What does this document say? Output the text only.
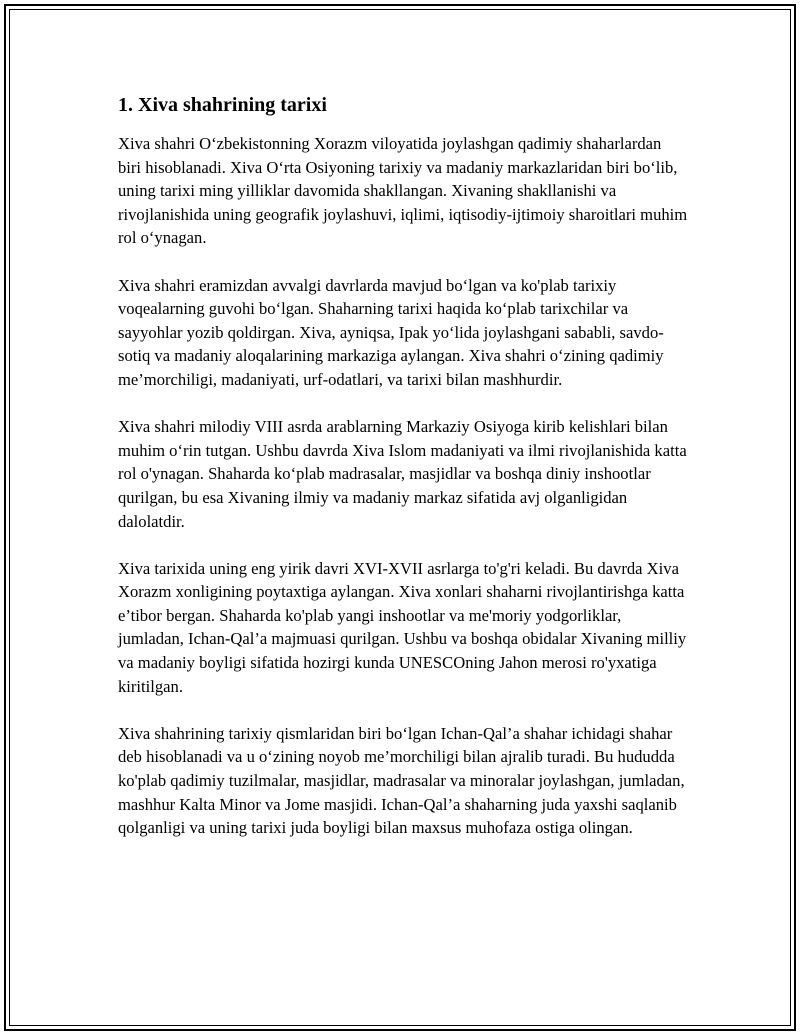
1. Xiva shahrining tarixi

Xiva shahri O‘zbekistonning Xorazm viloyatida joylashgan qadimiy shaharlardan biri hisoblanadi. Xiva O‘rta Osiyoning tarixiy va madaniy markazlaridan biri bo‘lib, uning tarixi ming yilliklar davomida shakllangan. Xivaning shakllanishi va rivojlanishida uning geografik joylashuvi, iqlimi, iqtisodiy-ijtimoiy sharoitlari muhim rol o‘ynagan.

Xiva shahri eramizdan avvalgi davrlarda mavjud bo‘lgan va ko'plab tarixiy voqealarning guvohi bo‘lgan. Shaharning tarixi haqida ko‘plab tarixchilar va sayyohlar yozib qoldirgan. Xiva, ayniqsa, Ipak yo‘lida joylashgani sababli, savdo-sotiq va madaniy aloqalarining markaziga aylangan. Xiva shahri o‘zining qadimiy me’morchiligi, madaniyati, urf-odatlari, va tarixi bilan mashhurdir.

Xiva shahri milodiy VIII asrda arablarning Markaziy Osiyoga kirib kelishlari bilan muhim o‘rin tutgan. Ushbu davrda Xiva Islom madaniyati va ilmi rivojlanishida katta rol o'ynagan. Shaharda ko‘plab madrasalar, masjidlar va boshqa diniy inshootlar qurilgan, bu esa Xivaning ilmiy va madaniy markaz sifatida avj olganligidan dalolatdir.

Xiva tarixida uning eng yirik davri XVI-XVII asrlarga to'g'ri keladi. Bu davrda Xiva Xorazm xonligining poytaxtiga aylangan. Xiva xonlari shaharni rivojlantirishga katta e’tibor bergan. Shaharda ko'plab yangi inshootlar va me'moriy yodgorliklar, jumladan, Ichan-Qal’a majmuasi qurilgan. Ushbu va boshqa obidalar Xivaning milliy va madaniy boyligi sifatida hozirgi kunda UNESCOning Jahon merosi ro'yxatiga kiritilgan.

Xiva shahrining tarixiy qismlaridan biri bo‘lgan Ichan-Qal’a shahar ichidagi shahar deb hisoblanadi va u o‘zining noyob me’morchiligi bilan ajralib turadi. Bu hududda ko'plab qadimiy tuzilmalar, masjidlar, madrasalar va minoralar joylashgan, jumladan, mashhur Kalta Minor va Jome masjidi. Ichan-Qal’a shaharning juda yaxshi saqlanib qolganligi va uning tarixi juda boyligi bilan maxsus muhofaza ostiga olingan.
